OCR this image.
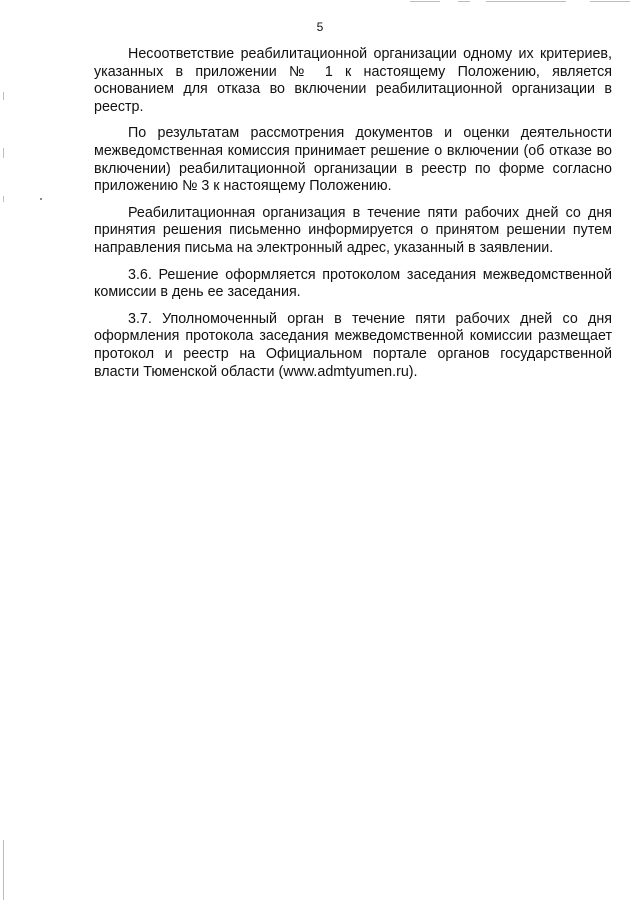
5

Несоответствие реабилитационной организации одному их критериев, указанных в приложении № 1 к настоящему Положению, является основанием для отказа во включении реабилитационной организации в реестр.

По результатам рассмотрения документов и оценки деятельности межведомственная комиссия принимает решение о включении (об отказе во включении) реабилитационной организации в реестр по форме согласно приложению № 3 к настоящему Положению.

Реабилитационная организация в течение пяти рабочих дней со дня принятия решения письменно информируется о принятом решении путем направления письма на электронный адрес, указанный в заявлении.

3.6. Решение оформляется протоколом заседания межведомственной комиссии в день ее заседания.

3.7. Уполномоченный орган в течение пяти рабочих дней со дня оформления протокола заседания межведомственной комиссии размещает протокол и реестр на Официальном портале органов государственной власти Тюменской области (www.admtyumen.ru).
